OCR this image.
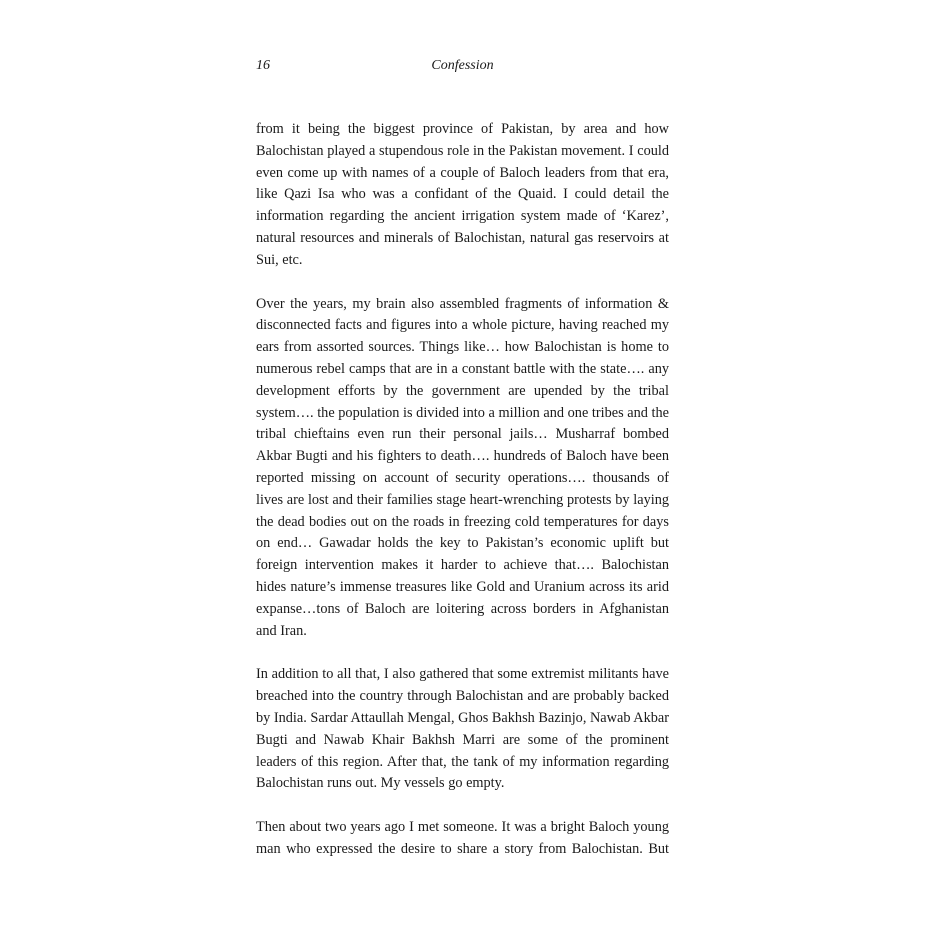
16	Confession

from it being the biggest province of Pakistan, by area and how Balochistan played a stupendous role in the Pakistan movement. I could even come up with names of a couple of Baloch leaders from that era, like Qazi Isa who was a confidant of the Quaid. I could detail the information regarding the ancient irrigation system made of ‘Karez’, natural resources and minerals of Balochistan, natural gas reservoirs at Sui, etc.

Over the years, my brain also assembled fragments of information & disconnected facts and figures into a whole picture, having reached my ears from assorted sources. Things like… how Balochistan is home to numerous rebel camps that are in a constant battle with the state…. any development efforts by the government are upended by the tribal system…. the population is divided into a million and one tribes and the tribal chieftains even run their personal jails… Musharraf bombed Akbar Bugti and his fighters to death…. hundreds of Baloch have been reported missing on account of security operations…. thousands of lives are lost and their families stage heart-wrenching protests by laying the dead bodies out on the roads in freezing cold temperatures for days on end… Gawadar holds the key to Pakistan’s economic uplift but foreign intervention makes it harder to achieve that…. Balochistan hides nature’s immense treasures like Gold and Uranium across its arid expanse…tons of Baloch are loitering across borders in Afghanistan and Iran.

In addition to all that, I also gathered that some extremist militants have breached into the country through Balochistan and are probably backed by India. Sardar Attaullah Mengal, Ghos Bakhsh Bazinjo, Nawab Akbar Bugti and Nawab Khair Bakhsh Marri are some of the prominent leaders of this region. After that, the tank of my information regarding Balochistan runs out. My vessels go empty.

Then about two years ago I met someone. It was a bright Baloch young man who expressed the desire to share a story from Balochistan. But
